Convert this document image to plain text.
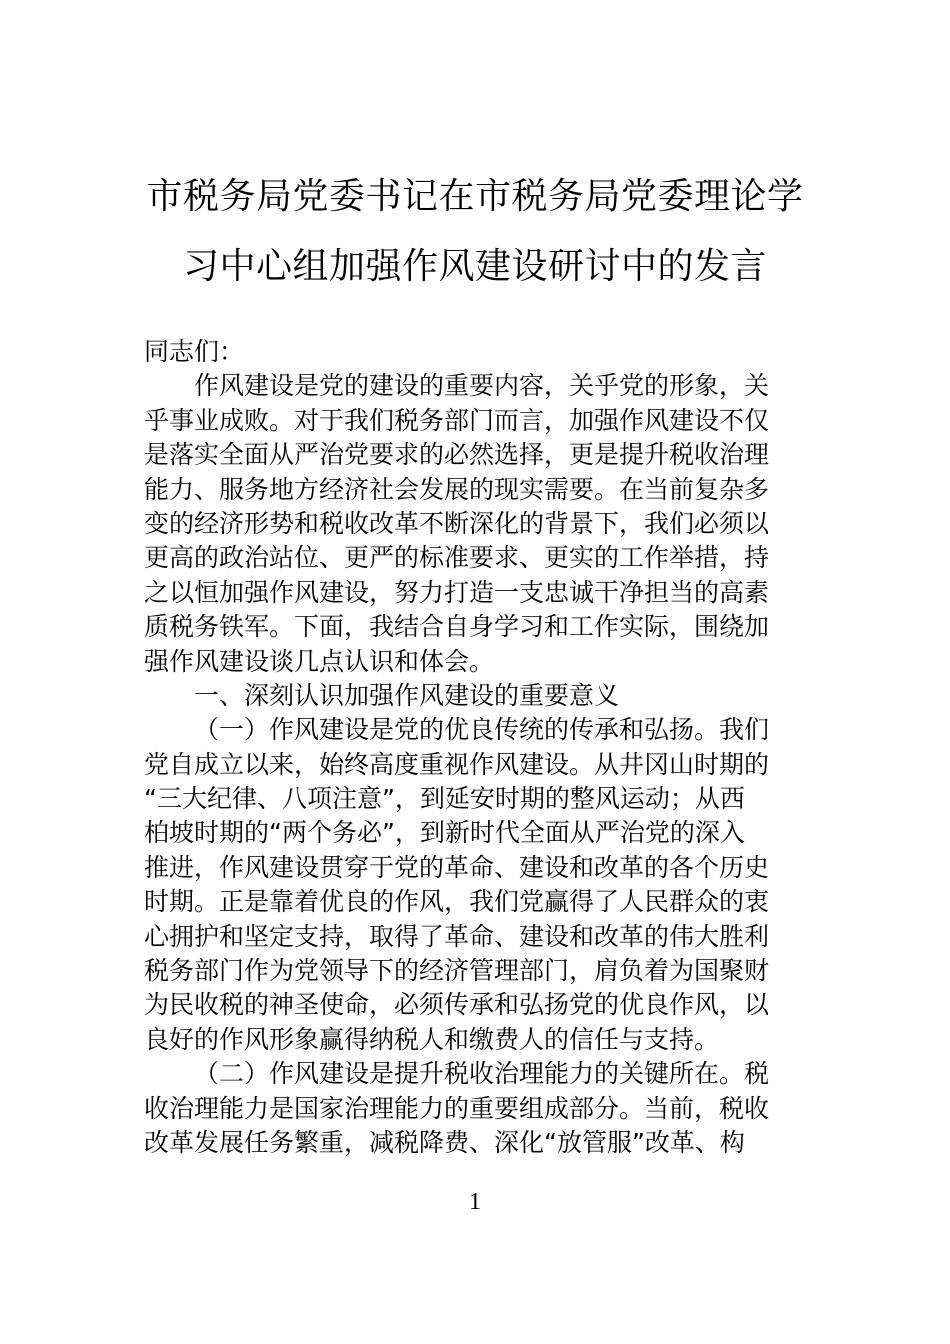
市税务局党委书记在市税务局党委理论学
习中心组加强作风建设研讨中的发言
同志们：
作风建设是党的建设的重要内容，关乎党的形象，关
乎事业成败。对于我们税务部门而言，加强作风建设不仅
是落实全面从严治党要求的必然选择，更是提升税收治理
能力、服务地方经济社会发展的现实需要。在当前复杂多
变的经济形势和税收改革不断深化的背景下，我们必须以
更高的政治站位、更严的标准要求、更实的工作举措，持
之以恒加强作风建设，努力打造一支忠诚干净担当的高素
质税务铁军。下面，我结合自身学习和工作实际，围绕加
强作风建设谈几点认识和体会。
一、深刻认识加强作风建设的重要意义
（一）作风建设是党的优良传统的传承和弘扬。我们
党自成立以来，始终高度重视作风建设。从井冈山时期的
“三大纪律、八项注意”，到延安时期的整风运动；从西
柏坡时期的“两个务必”，到新时代全面从严治党的深入
推进，作风建设贯穿于党的革命、建设和改革的各个历史
时期。正是靠着优良的作风，我们党赢得了人民群众的衷
心拥护和坚定支持，取得了革命、建设和改革的伟大胜利
税务部门作为党领导下的经济管理部门，肩负着为国聚财
为民收税的神圣使命，必须传承和弘扬党的优良作风，以
良好的作风形象赢得纳税人和缴费人的信任与支持。
（二）作风建设是提升税收治理能力的关键所在。税
收治理能力是国家治理能力的重要组成部分。当前，税收
改革发展任务繁重，减税降费、深化“放管服”改革、构
1
